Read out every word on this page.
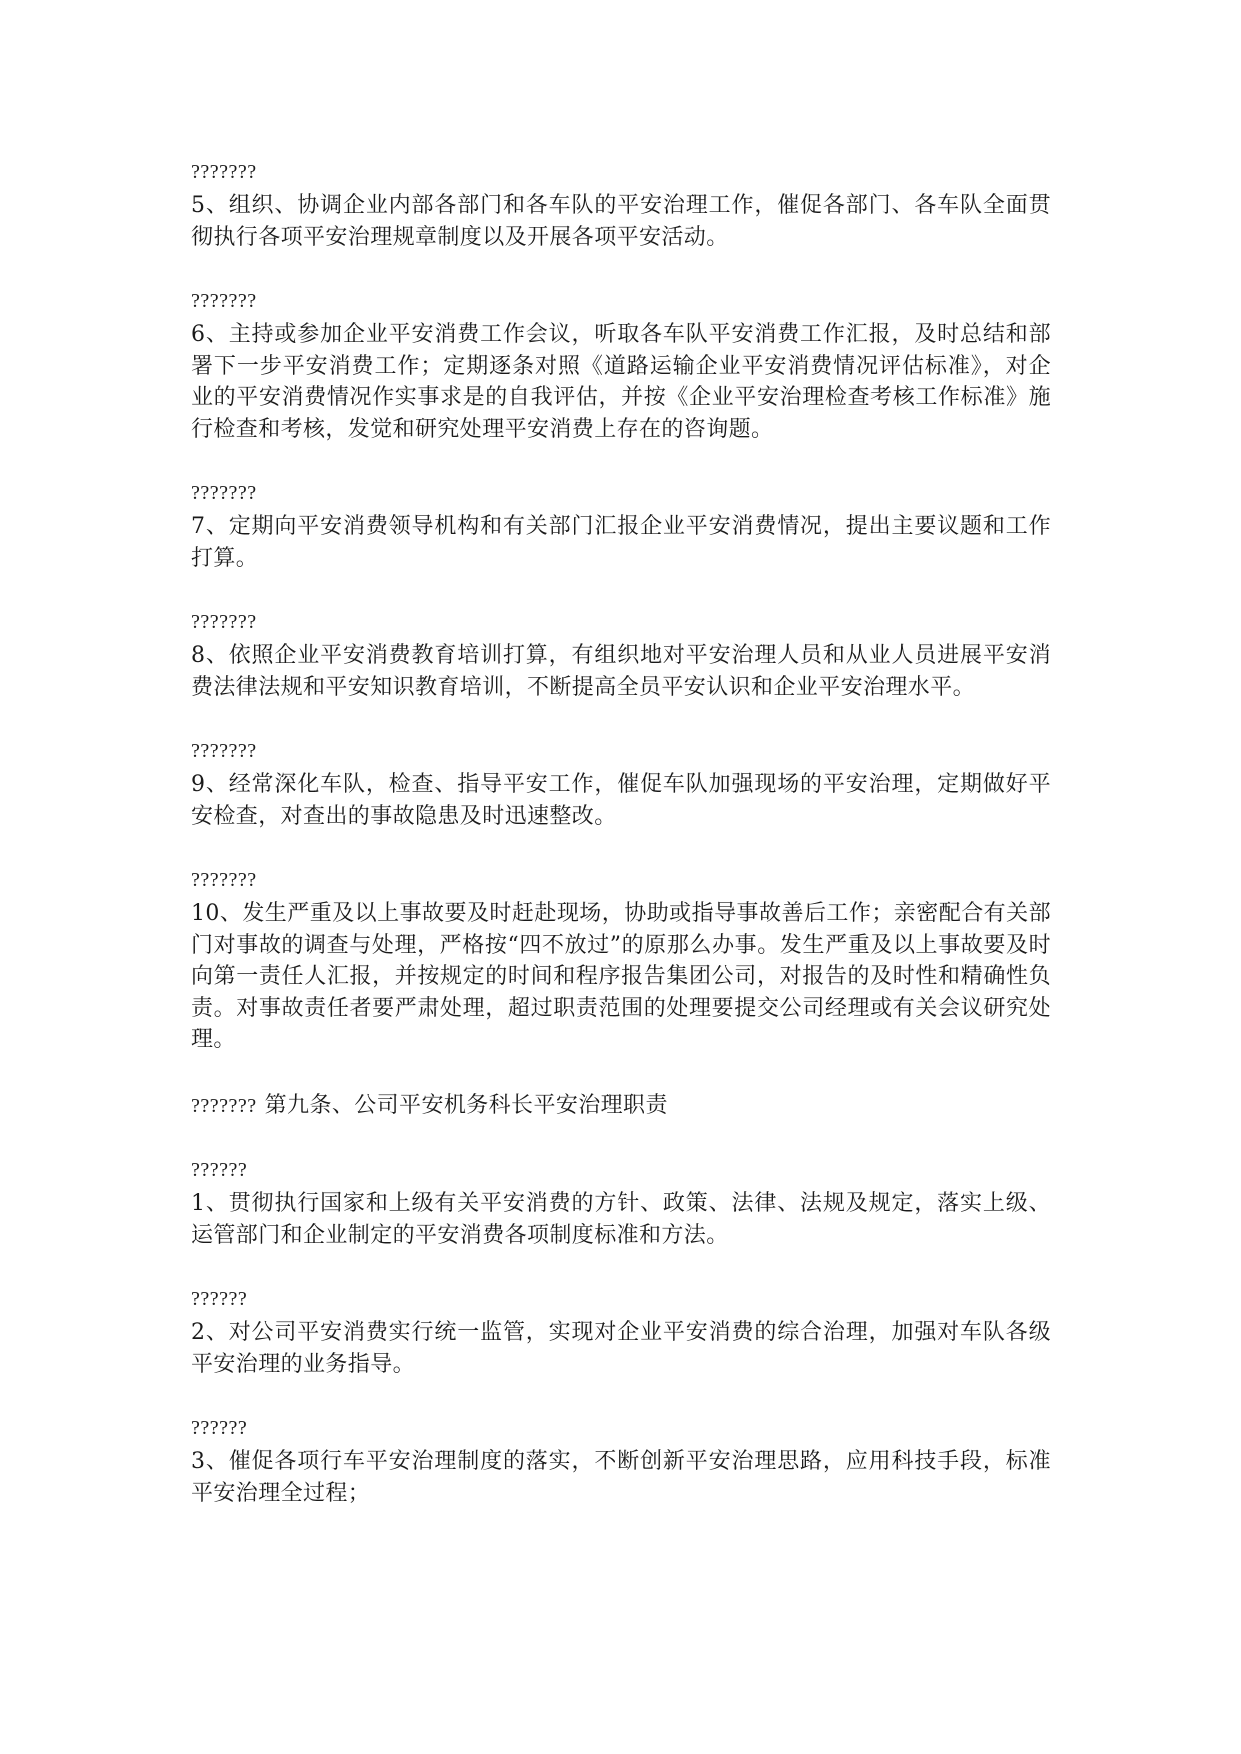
???????
5、组织、协调企业内部各部门和各车队的平安治理工作，催促各部门、各车队全面贯彻执行各项平安治理规章制度以及开展各项平安活动。
???????
6、主持或参加企业平安消费工作会议，听取各车队平安消费工作汇报，及时总结和部署下一步平安消费工作；定期逐条对照《道路运输企业平安消费情况评估标准》，对企业的平安消费情况作实事求是的自我评估，并按《企业平安治理检查考核工作标准》施行检查和考核，发觉和研究处理平安消费上存在的咨询题。
???????
7、定期向平安消费领导机构和有关部门汇报企业平安消费情况，提出主要议题和工作打算。
???????
8、依照企业平安消费教育培训打算，有组织地对平安治理人员和从业人员进展平安消费法律法规和平安知识教育培训，不断提高全员平安认识和企业平安治理水平。
???????
9、经常深化车队，检查、指导平安工作，催促车队加强现场的平安治理，定期做好平安检查，对查出的事故隐患及时迅速整改。
???????
10、发生严重及以上事故要及时赶赴现场，协助或指导事故善后工作；亲密配合有关部门对事故的调查与处理，严格按“四不放过”的原那么办事。发生严重及以上事故要及时向第一责任人汇报，并按规定的时间和程序报告集团公司，对报告的及时性和精确性负责。对事故责任者要严肃处理，超过职责范围的处理要提交公司经理或有关会议研究处理。
??????? 第九条、公司平安机务科长平安治理职责
??????
1、贯彻执行国家和上级有关平安消费的方针、政策、法律、法规及规定，落实上级、运管部门和企业制定的平安消费各项制度标准和方法。
??????
2、对公司平安消费实行统一监管，实现对企业平安消费的综合治理，加强对车队各级平安治理的业务指导。
??????
3、催促各项行车平安治理制度的落实，不断创新平安治理思路，应用科技手段，标准平安治理全过程；
